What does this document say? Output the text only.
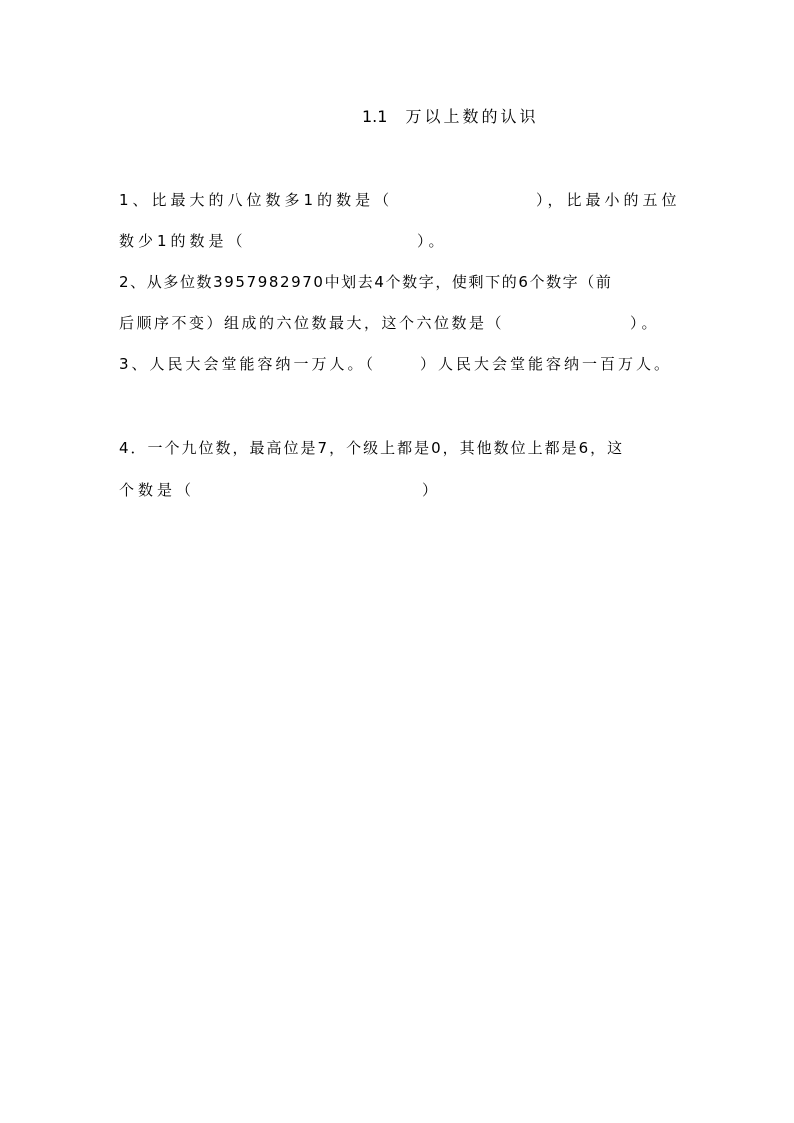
1.1 万以上数的认识
1、比最大的八位数多1的数是（	），比最小的五位
数少1的数是（	）。
2、从多位数3957982970中划去4个数字，使剩下的6个数字（前
后顺序不变）组成的六位数最大，这个六位数是（	）。
3、人民大会堂能容纳一万人。（	）人民大会堂能容纳一百万人。
4．一个九位数，最高位是7，个级上都是0，其他数位上都是6，这
个数是（	）
